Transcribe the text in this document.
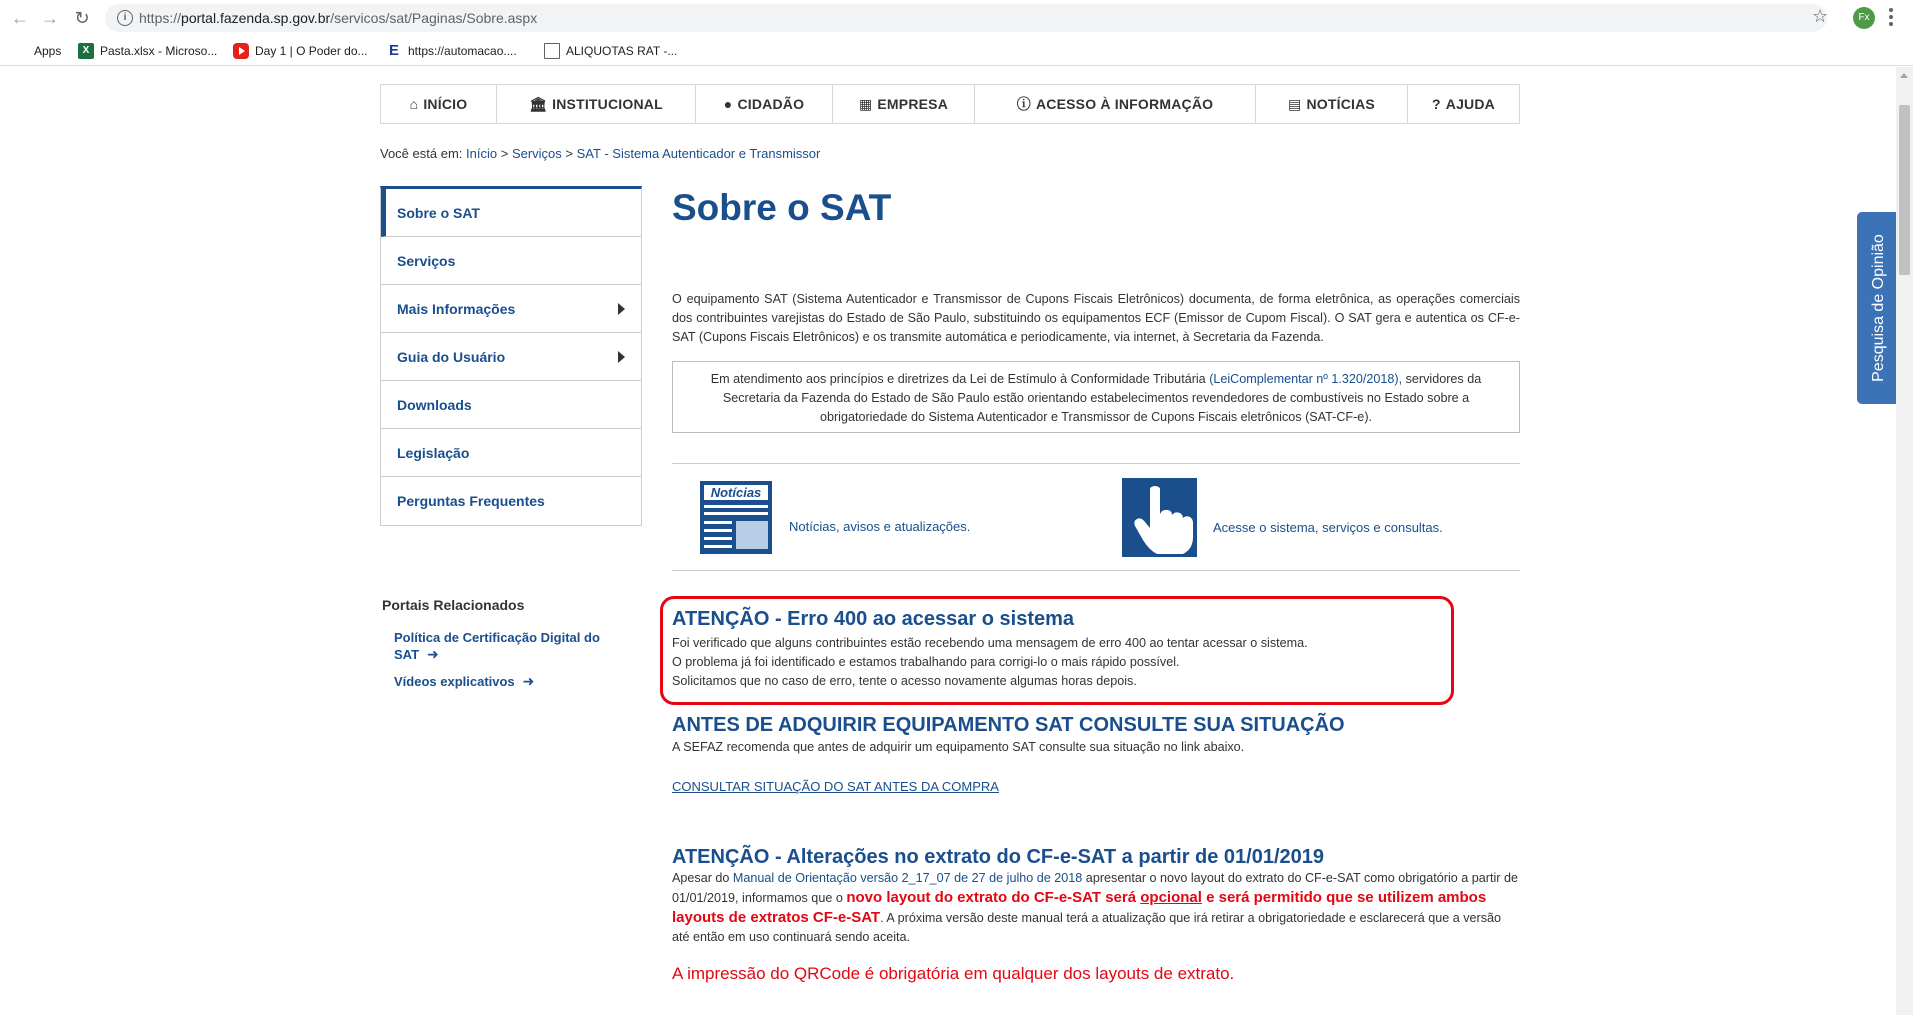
← → ↻	i https://portal.fazenda.sp.gov.br/servicos/sat/Paginas/Sobre.aspx	☆	Fx
Apps	X Pasta.xlsx - Microso...	Day 1 | O Poder do... E https://automacao....	ALIQUOTAS RAT -...
⌂ INÍCIO	🏛 INSTITUCIONAL	● CIDADÃO	▦ EMPRESA	ⓘ ACESSO À INFORMAÇÃO	▤ NOTÍCIAS	? AJUDA
Você está em: Início > Serviços > SAT - Sistema Autenticador e Transmissor
Sobre o SAT
Serviços
Mais Informações
Guia do Usuário
Downloads
Legislação
Perguntas Frequentes
Portais Relacionados
Política de Certificação Digital do SAT ➜
Vídeos explicativos ➜
Sobre o SAT
O equipamento SAT (Sistema Autenticador e Transmissor de Cupons Fiscais Eletrônicos) documenta, de forma eletrônica, as operações comerciais dos contribuintes varejistas do Estado de São Paulo, substituindo os equipamentos ECF (Emissor de Cupom Fiscal). O SAT gera e autentica os CF-e-SAT (Cupons Fiscais Eletrônicos) e os transmite automática e periodicamente, via internet, à Secretaria da Fazenda.
Em atendimento aos princípios e diretrizes da Lei de Estímulo à Conformidade Tributária (LeiComplementar nº 1.320/2018), servidores da Secretaria da Fazenda do Estado de São Paulo estão orientando estabelecimentos revendedores de combustíveis no Estado sobre a obrigatoriedade do Sistema Autenticador e Transmissor de Cupons Fiscais eletrônicos (SAT-CF-e).
Notícias
Notícias, avisos e atualizações.	Acesse o sistema, serviços e consultas.
ATENÇÃO - Erro 400 ao acessar o sistema
Foi verificado que alguns contribuintes estão recebendo uma mensagem de erro 400 ao tentar acessar o sistema.
O problema já foi identificado e estamos trabalhando para corrigi-lo o mais rápido possível.
Solicitamos que no caso de erro, tente o acesso novamente algumas horas depois.
ANTES DE ADQUIRIR EQUIPAMENTO SAT CONSULTE SUA SITUAÇÃO
A SEFAZ recomenda que antes de adquirir um equipamento SAT consulte sua situação no link abaixo.
CONSULTAR SITUAÇÃO DO SAT ANTES DA COMPRA
ATENÇÃO - Alterações no extrato do CF-e-SAT a partir de 01/01/2019
Apesar do Manual de Orientação versão 2_17_07 de 27 de julho de 2018 apresentar o novo layout do extrato do CF-e-SAT como obrigatório a partir de 01/01/2019, informamos que o novo layout do extrato do CF-e-SAT será opcional e será permitido que se utilizem ambos layouts de extratos CF-e-SAT. A próxima versão deste manual terá a atualização que irá retirar a obrigatoriedade e esclarecerá que a versão até então em uso continuará sendo aceita.
A impressão do QRCode é obrigatória em qualquer dos layouts de extrato.
Pesquisa de Opinião
